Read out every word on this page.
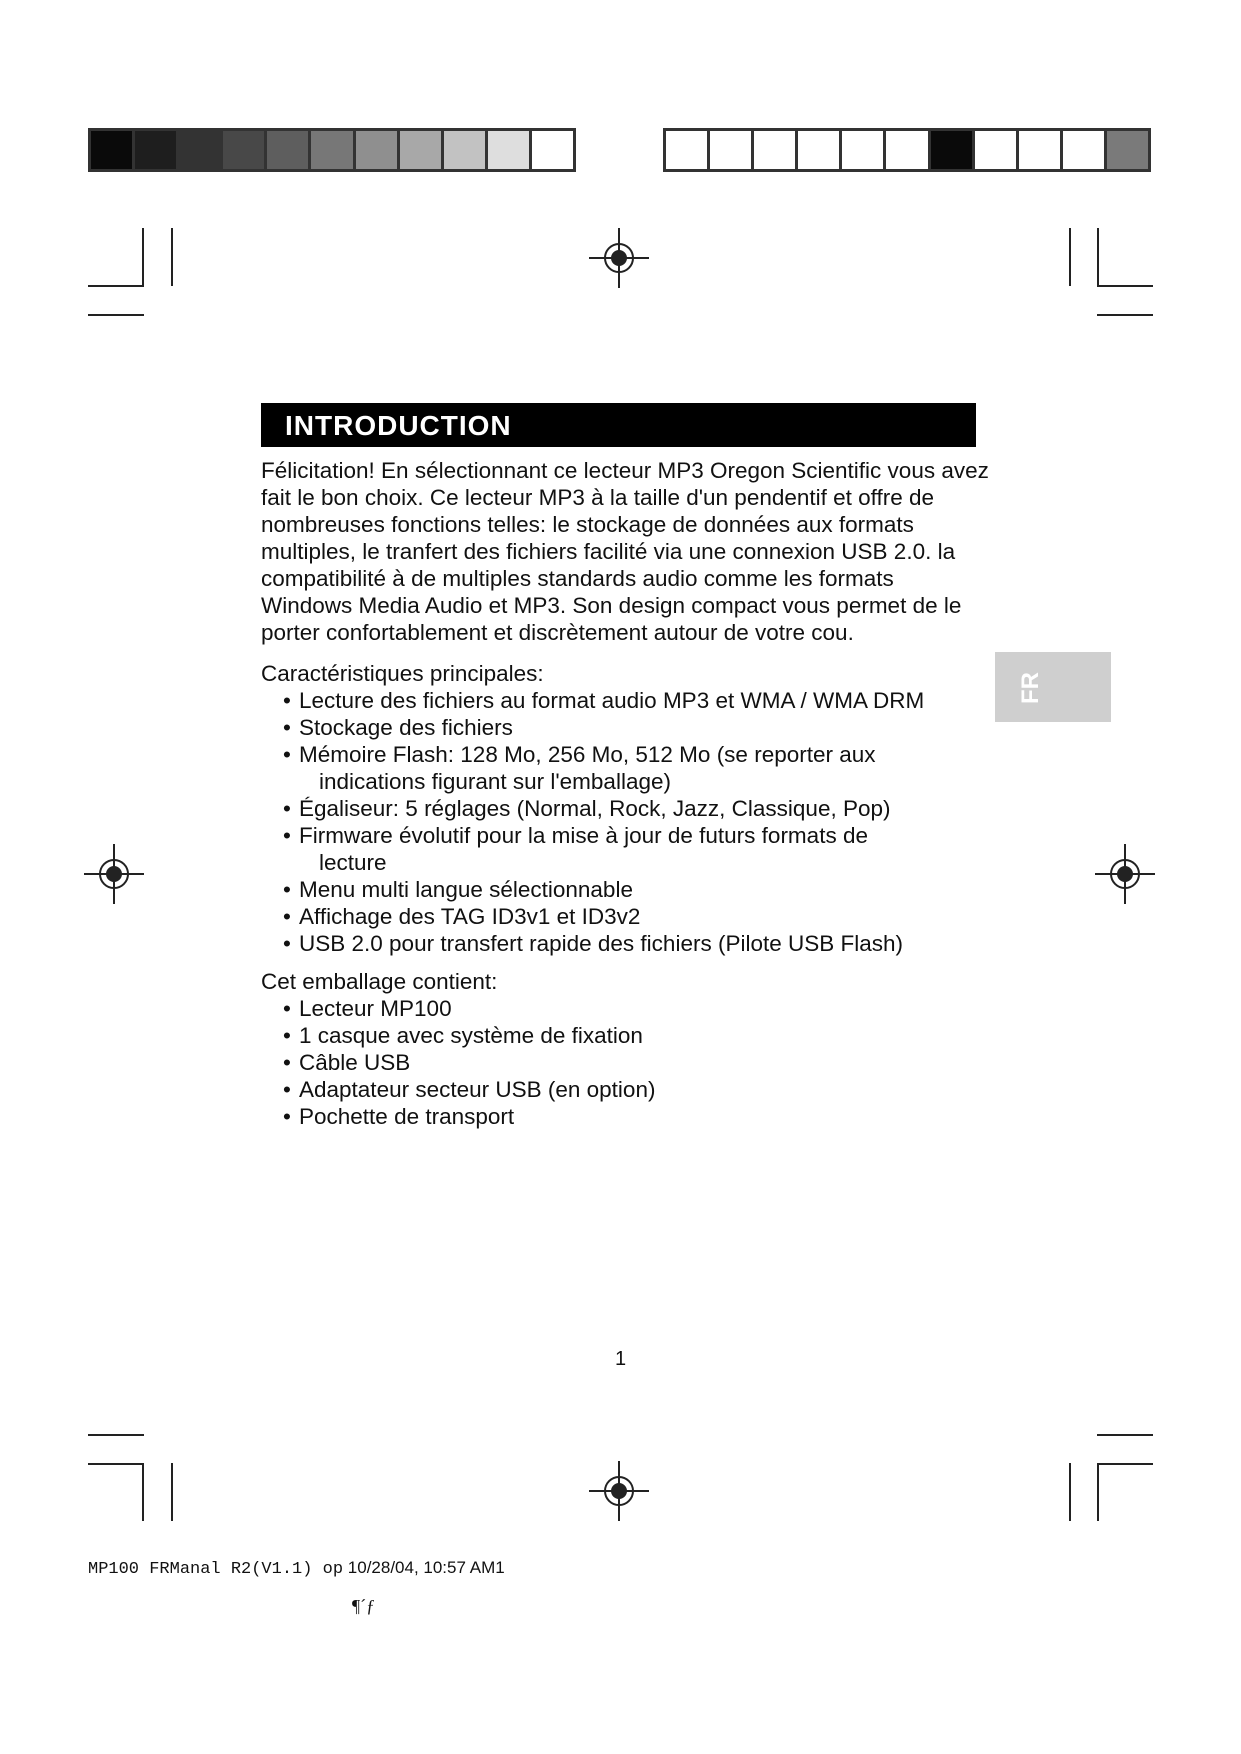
INTRODUCTION
Félicitation! En sélectionnant ce lecteur MP3 Oregon Scientific vous avez fait le bon choix. Ce lecteur MP3 à la taille d'un pendentif et offre de nombreuses fonctions telles: le stockage de données aux formats multiples, le tranfert des fichiers facilité via une connexion USB 2.0. la compatibilité à de multiples standards audio comme les formats Windows Media Audio et MP3. Son design compact vous permet de le porter confortablement et discrètement autour de votre cou.

Caractéristiques principales:

• Lecture des fichiers au format audio MP3 et WMA / WMA DRM
• Stockage des fichiers
• Mémoire Flash: 128 Mo, 256 Mo, 512 Mo (se reporter aux
indications figurant sur l'emballage)
• Égaliseur: 5 réglages (Normal, Rock, Jazz, Classique, Pop)
• Firmware évolutif pour la mise à jour de futurs formats de
lecture
• Menu multi langue sélectionnable
• Affichage des TAG ID3v1 et ID3v2
• USB 2.0 pour transfert rapide des fichiers (Pilote USB Flash)

Cet emballage contient:

• Lecteur MP100
• 1 casque avec système de fixation
• Câble USB
• Adaptateur secteur USB (en option)
• Pochette de transport
FR
1
MP100 FRManal R2(V1.1) op 10/28/04, 10:57 AM1
¶´ƒ
